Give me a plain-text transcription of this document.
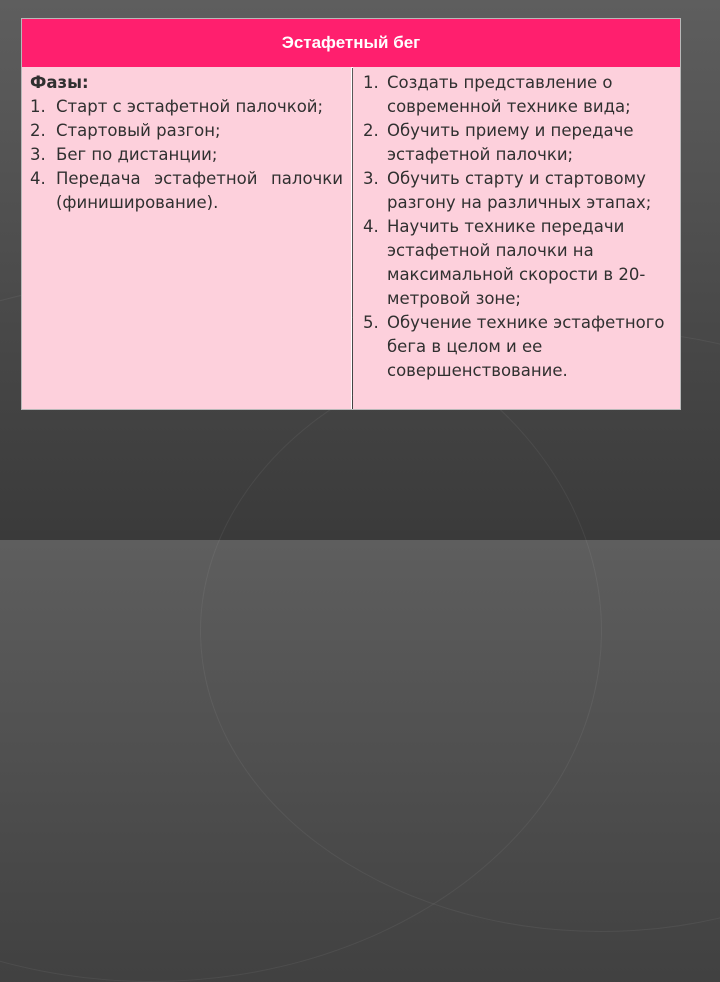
Эстафетный бег
Фазы:
1. Старт с эстафетной палочкой;
2. Стартовый разгон;
3. Бег по дистанции;
4. Передача эстафетной палочки (финиширование).
1. Создать представление о современной технике вида;
2. Обучить приему и передаче эстафетной палочки;
3. Обучить старту и стартовому разгону на различных этапах;
4. Научить технике передачи эстафетной палочки на максимальной скорости в 20-метровой зоне;
5. Обучение технике эстафетного бега в целом и ее совершенствование.
